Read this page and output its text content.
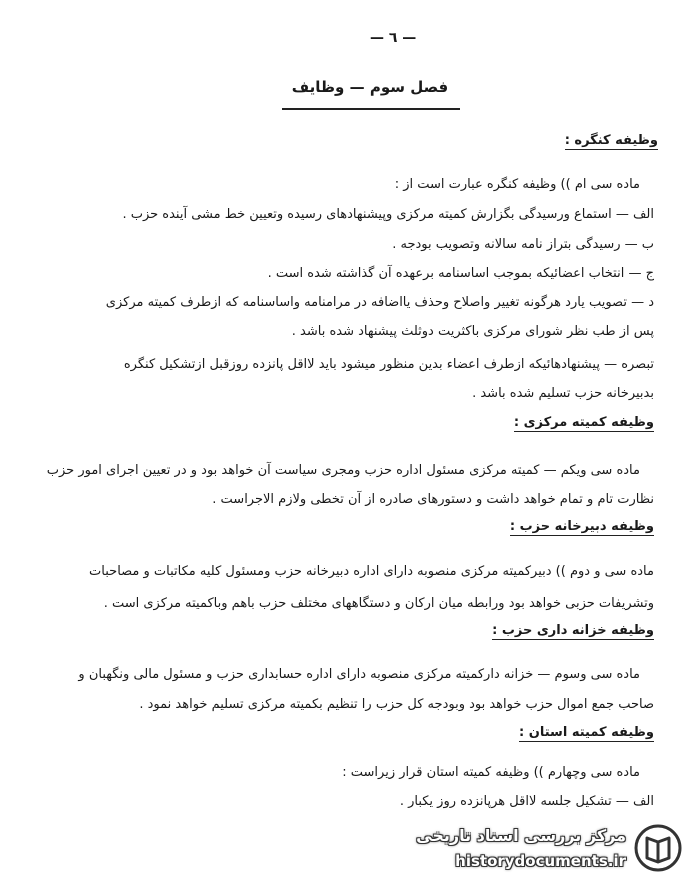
— ٦ —
فصل سوم — وظایف
وظیفه کنگره :
ماده سی ام )) وظیفه کنگره عبارت است از :
الف — استماع ورسیدگی بگزارش کمیته مرکزی وپیشنهادهای رسیده وتعیین خط مشی آینده حزب .
ب — رسیدگی بتراز نامه سالانه وتصویب بودجه .
ج — انتخاب اعضائیکه بموجب اساسنامه برعهده آن گذاشته شده است .
د — تصویب یارد هرگونه تغییر واصلاح وحذف یااضافه در مرامنامه واساسنامه که ازطرف کمیته مرکزی
پس از طب نظر شورای مرکزی باکثریت دوثلث پیشنهاد شده باشد .
تبصره — پیشنهادهائیکه ازطرف اعضاء بدین منظور میشود باید لااقل پانزده روزقبل ازتشکیل کنگره
بدبیرخانه حزب تسلیم شده باشد .
وظیفه کمیته مرکزی :
ماده سی ویکم — کمیته مرکزی مسئول اداره حزب ومجری سیاست آن خواهد بود و در تعیین اجرای امور حزب
نظارت تام و تمام خواهد داشت و دستورهای صادره از آن تخطی ولازم الاجراست .
وظیفه دبیرخانه حزب :
ماده سی و دوم )) دبیرکمیته مرکزی منصوبه دارای اداره دبیرخانه حزب ومسئول کلیه مکاتبات و مصاحبات
وتشریفات حزبی خواهد بود ورابطه میان ارکان و دستگاههای مختلف حزب باهم وباکمیته مرکزی است .
وظیفه خزانه داری حزب :
ماده سی وسوم — خزانه دارکمیته مرکزی منصوبه دارای اداره حسابداری حزب و مسئول مالی ونگهبان و
صاحب جمع اموال حزب خواهد بود وبودجه کل حزب را تنظیم بکمیته مرکزی تسلیم خواهد نمود .
وظیفه کمیته استان :
ماده سی وچهارم )) وظیفه کمیته استان قرار زیراست :
الف — تشکیل جلسه لااقل هرپانزده روز یکبار .
مرکز بررسی اسناد تاریخی
historydocuments.ir
